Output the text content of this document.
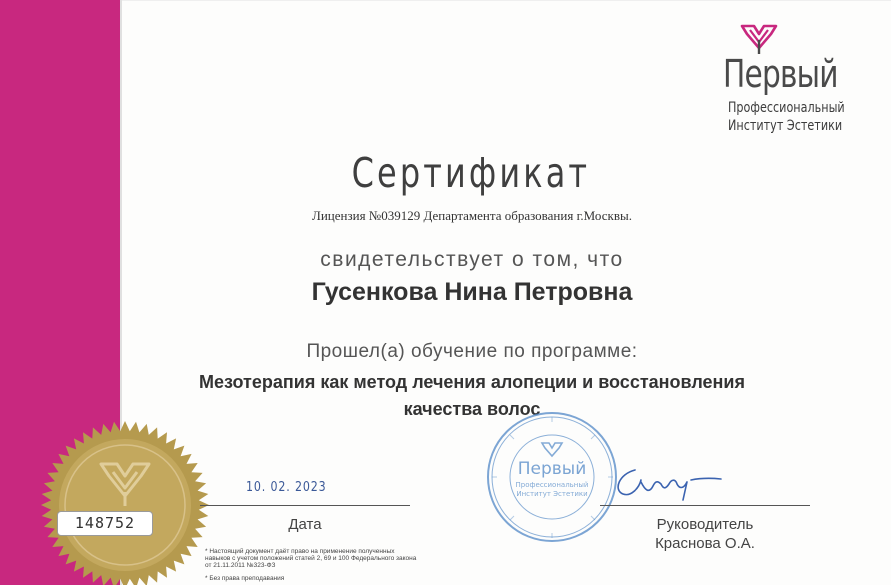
Первый
Профессиональный
Институт Эстетики
Сертификат
Лицензия №039129 Департамента образования г.Москвы.
свидетельствует о том, что
Гусенкова Нина Петровна
Прошел(а) обучение по программе:
Мезотерапия как метод лечения алопеции и восстановления
качества волос
148752
10. 02. 2023
Дата
Первый
Профессиональный
Институт Эстетики
Руководитель
Краснова О.А.
* Настоящий документ даёт право на применение полученных навыков с учетом положений статей 2, 69 и 100 Федерального закона от 21.11.2011 №323-ФЗ
* Без права преподавания
